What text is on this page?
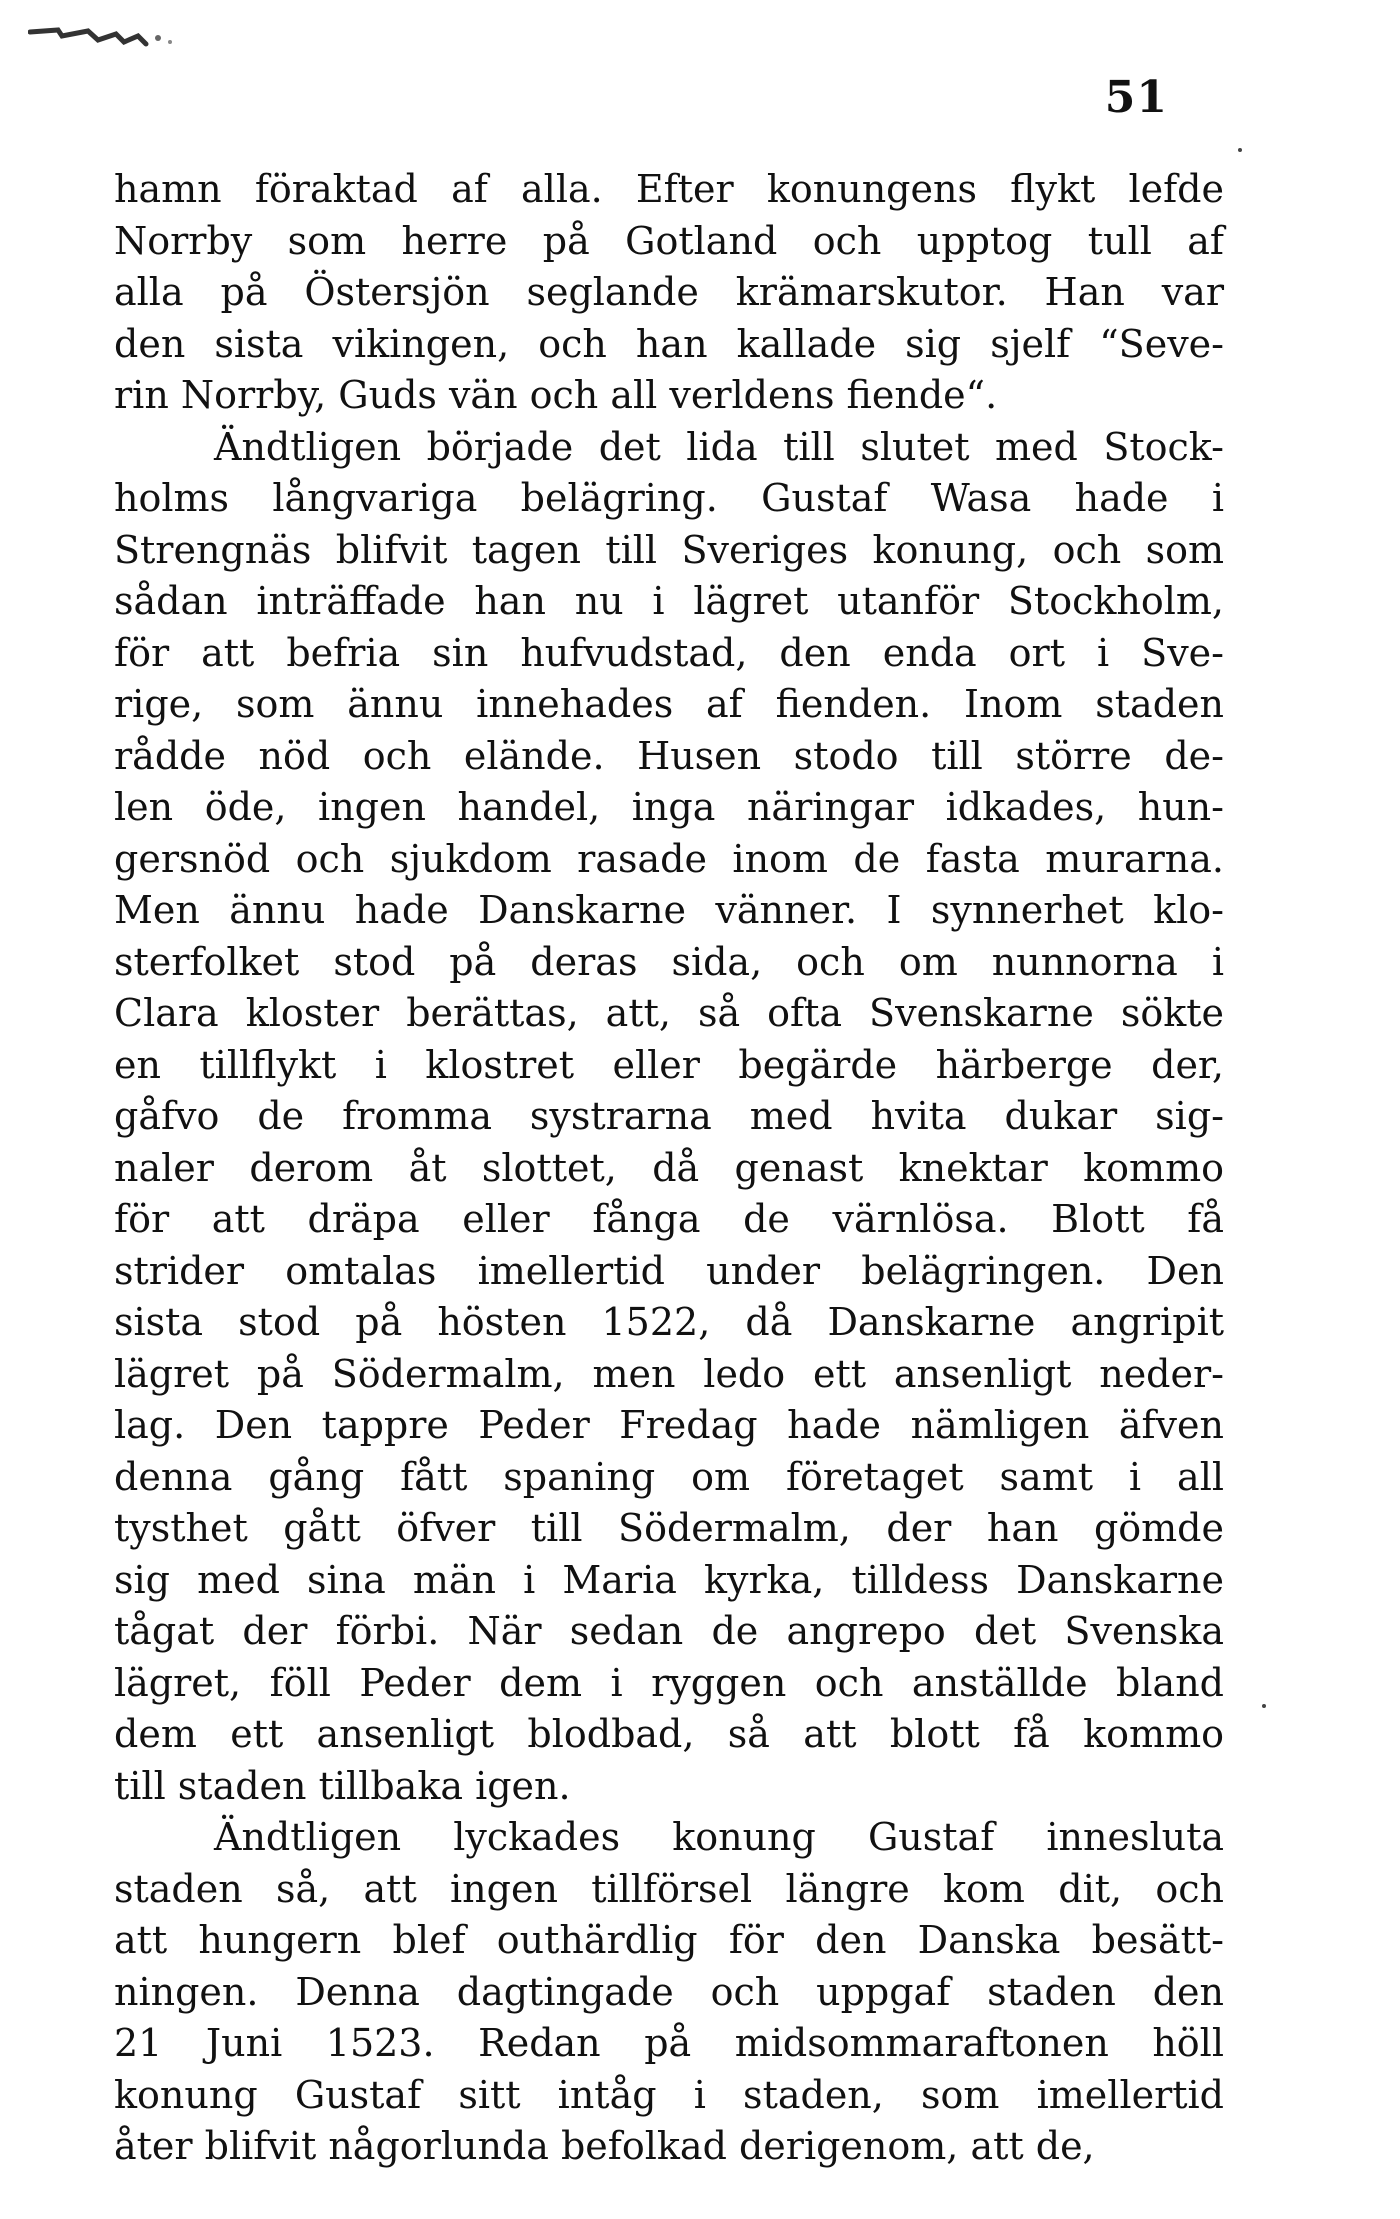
51
hamn föraktad af alla. Efter konungens flykt lefde
Norrby som herre på Gotland och upptog tull af
alla på Östersjön seglande krämarskutor. Han var
den sista vikingen, och han kallade sig sjelf “Seve-
rin Norrby, Guds vän och all verldens fiende“.
Ändtligen började det lida till slutet med Stock-
holms långvariga belägring. Gustaf Wasa hade i
Strengnäs blifvit tagen till Sveriges konung, och som
sådan inträffade han nu i lägret utanför Stockholm,
för att befria sin hufvudstad, den enda ort i Sve-
rige, som ännu innehades af fienden. Inom staden
rådde nöd och elände. Husen stodo till större de-
len öde, ingen handel, inga näringar idkades, hun-
gersnöd och sjukdom rasade inom de fasta murarna.
Men ännu hade Danskarne vänner. I synnerhet klo-
sterfolket stod på deras sida, och om nunnorna i
Clara kloster berättas, att, så ofta Svenskarne sökte
en tillflykt i klostret eller begärde härberge der,
gåfvo de fromma systrarna med hvita dukar sig-
naler derom åt slottet, då genast knektar kommo
för att dräpa eller fånga de värnlösa. Blott få
strider omtalas imellertid under belägringen. Den
sista stod på hösten 1522, då Danskarne angripit
lägret på Södermalm, men ledo ett ansenligt neder-
lag. Den tappre Peder Fredag hade nämligen äfven
denna gång fått spaning om företaget samt i all
tysthet gått öfver till Södermalm, der han gömde
sig med sina män i Maria kyrka, tilldess Danskarne
tågat der förbi. När sedan de angrepo det Svenska
lägret, föll Peder dem i ryggen och anställde bland
dem ett ansenligt blodbad, så att blott få kommo
till staden tillbaka igen.
Ändtligen lyckades konung Gustaf innesluta
staden så, att ingen tillförsel längre kom dit, och
att hungern blef outhärdlig för den Danska besätt-
ningen. Denna dagtingade och uppgaf staden den
21 Juni 1523. Redan på midsommaraftonen höll
konung Gustaf sitt intåg i staden, som imellertid
åter blifvit någorlunda befolkad derigenom, att de,
